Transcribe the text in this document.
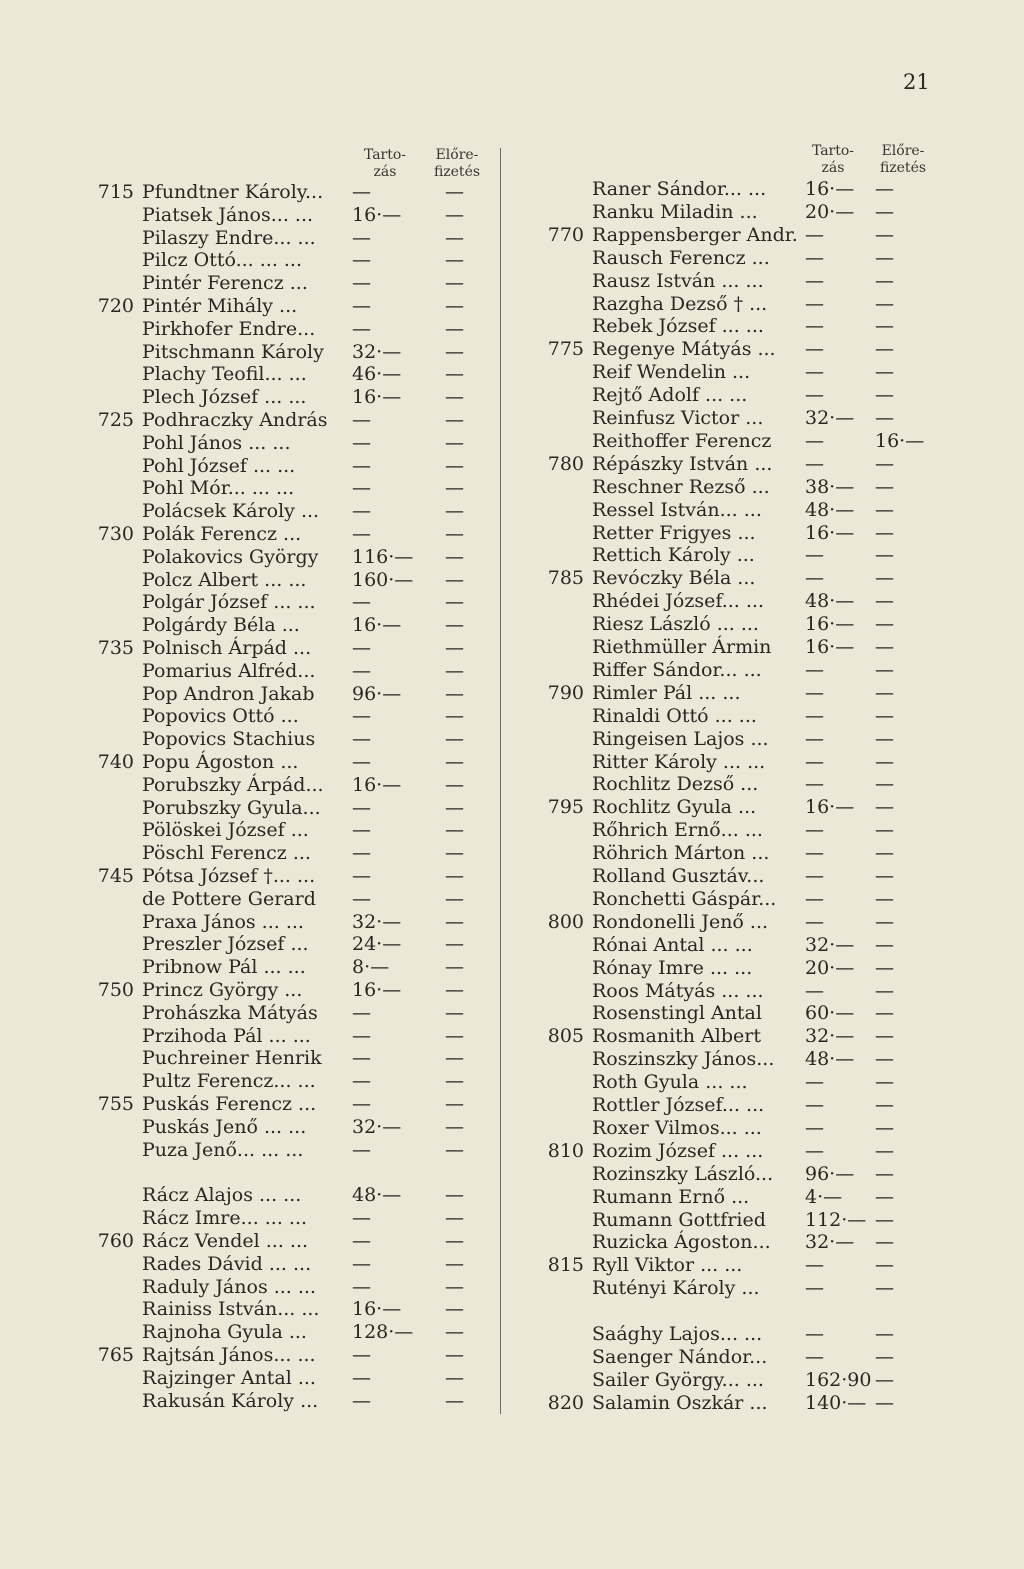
21
Tarto-
zás
Előre-
fizetés
715 Pfundtner Károly... —	—
Piatsek János... ... 16·— —
Pilaszy Endre... ... —	—
Pilcz Ottó... ... ...	—	—
Pintér Ferencz ... —	—
720 Pintér Mihály ...	—	—
Pirkhofer Endre... —	—
Pitschmann Károly 32·— —
Plachy Teofil... ... 46·— —
Plech József ... ... 16·— —
725 Podhraczky András —	—
Pohl János ... ...	—	—
Pohl József ... ...	—	—
Pohl Mór... ... ...	—	—
Polácsek Károly ... —	—
730 Polák Ferencz ...	—	—
Polakovics György 116·— —
Polcz Albert ... ... 160·— —
Polgár József ... ... —	—
Polgárdy Béla ...	16·— —
735 Polnisch Árpád ... —	—
Pomarius Alfréd... —	—
Pop Andron Jakab 96·— —
Popovics Ottó ...	—	—
Popovics Stachius —	—
740 Popu Ágoston ...	—	—
Porubszky Árpád... 16·— —
Porubszky Gyula... —	—
Pölöskei József ... —	—
Pöschl Ferencz ... —	—
745 Pótsa József †... ... —	—
de Pottere Gerard —	—
Praxa János ... ...	32·— —
Preszler József ... 24·— —
Pribnow Pál ... ... 8·—	—
750 Princz György ...	16·— —
Prohászka Mátyás —	—
Przihoda Pál ... ... —	—
Puchreiner Henrik —	—
Pultz Ferencz... ... —	—
755 Puskás Ferencz ... —	—
Puskás Jenő ... ... 32·— —
Puza Jenő... ... ...	—	—
Rácz Alajos ... ...	48·— —
Rácz Imre... ... ... —	—
760 Rácz Vendel ... ... —	—
Rades Dávid ... ... —	—
Raduly János ... ... —	—
Rainiss István... ... 16·— —
Rajnoha Gyula ... 128·— —
765 Rajtsán János... ... —	—
Rajzinger Antal ... —	—
Rakusán Károly ... —	—
Tarto-
zás
Előre-
fizetés
Raner Sándor... ... 16·— —
Ranku Miladin ... 20·— —
770 Rappensberger Andr. —	—
Rausch Ferencz ... —	—
Rausz István ... ... —	—
Razgha Dezső † ... —	—
Rebek József ... ... —	—
775 Regenye Mátyás ... —	—
Reif Wendelin ...	—	—
Rejtő Adolf ... ...	—	—
Reinfusz Victor ... 32·— —
Reithoffer Ferencz —	16·—
780 Répászky István ... —	—
Reschner Rezső ... 38·— —
Ressel István... ... 48·— —
Retter Frigyes ...	16·— —
Rettich Károly ...	—	—
785 Revóczky Béla ...	—	—
Rhédei József... ... 48·— —
Riesz László ... ... 16·— —
Riethmüller Ármin 16·— —
Riffer Sándor... ... —	—
790 Rimler Pál ... ...	—	—
Rinaldi Ottó ... ...	—	—
Ringeisen Lajos ... —	—
Ritter Károly ... ... —	—
Rochlitz Dezső ... —	—
795 Rochlitz Gyula ...	16·— —
Rőhrich Ernő... ... —	—
Röhrich Márton ... —	—
Rolland Gusztáv... —	—
Ronchetti Gáspár... —	—
800 Rondonelli Jenő ... —	—
Rónai Antal ... ...	32·— —
Rónay Imre ... ...	20·— —
Roos Mátyás ... ... —	—
Rosenstingl Antal 60·— —
805 Rosmanith Albert 32·— —
Roszinszky János... 48·— —
Roth Gyula ... ...	—	—
Rottler József... ... —	—
Roxer Vilmos... ... —	—
810 Rozim József ... ... —	—
Rozinszky László... 96·— —
Rumann Ernő ...	4·— —
Rumann Gottfried 112·— —
Ruzicka Ágoston... 32·— —
815 Ryll Viktor ... ...	—	—
Rutényi Károly ... —	—
Saághy Lajos... ... —	—
Saenger Nándor... —	—
Sailer György... ... 162·90 —
820 Salamin Oszkár ... 140·— —
